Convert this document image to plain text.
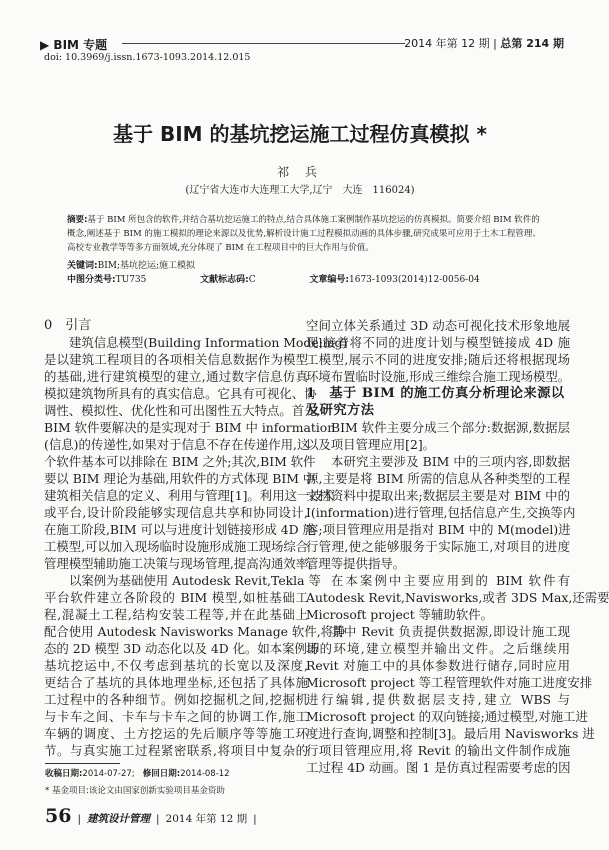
▶ BIM 专题	2014 年第 12 期 | 总第 214 期
doi: 10.3969/j.issn.1673-1093.2014.12.015
基于 BIM 的基坑挖运施工过程仿真模拟 *
祁 兵
(辽宁省大连市大连理工大学,辽宁　大连　116024)
摘要:基于 BIM 所包含的软件,并结合基坑挖运施工的特点,结合具体施工案例制作基坑挖运的仿真模拟。简要介绍 BIM 软件的概念,阐述基于 BIM 的施工模拟的理论来源以及优势,解析设计施工过程模拟动画的具体步骤,研究成果可应用于土木工程管理、高校专业教学等等多方面领域,充分体现了 BIM 在工程项目中的巨大作用与价值。
关键词:BIM;基坑挖运;施工模拟
中图分类号:TU735	文献标志码:C	文章编号:1673-1093(2014)12-0056-04
0　引言
建筑信息模型(Building Information Modeling)
是以建筑工程项目的各项相关信息数据作为模型
的基础,进行建筑模型的建立,通过数字信息仿真
模拟建筑物所具有的真实信息。它具有可视化、协
调性、模拟性、优化性和可出图性五大特点。首先,
BIM 软件要解决的是实现对于 BIM 中 information
(信息)的传递性,如果对于信息不存在传递作用,这
个软件基本可以排除在 BIM 之外;其次,BIM 软件
要以 BIM 理论为基础,用软件的方式体现 BIM 中
建筑相关信息的定义、利用与管理[1]。利用这一技术
或平台,设计阶段能够实现信息共享和协同设计,
在施工阶段,BIM 可以与进度计划链接形成 4D 施
工模型,可以加入现场临时设施形成施工现场综合
管理模型辅助施工决策与现场管理,提高沟通效率。
以案例为基础使用 Autodesk Revit,Tekla 等
平台软件建立各阶段的 BIM 模型,如桩基础工
程,混凝土工程,结构安装工程等,并在此基础上
配合使用 Autodesk Navisworks Manage 软件,将静
态的 2D 模型 3D 动态化以及 4D 化。如本案例即
基坑挖运中,不仅考虑到基坑的长宽以及深度,
更结合了基坑的具体地理坐标,还包括了具体施
工过程中的各种细节。例如挖掘机之间,挖掘机
与卡车之间、卡车与卡车之间的协调工作,施工
车辆的调度、土方挖运的先后顺序等等施工环
节。与真实施工过程紧密联系,将项目中复杂的
空间立体关系通过 3D 动态可视化技术形象地展
现;接着将不同的进度计划与模型链接成 4D 施
工模型,展示不同的进度安排;随后还将根据现场
环境布置临时设施,形成三维综合施工现场模型。
1　基于 BIM 的施工仿真分析理论来源以
及研究方法
BIM 软件主要分成三个部分:数据源,数据层
以及项目管理应用[2]。
本研究主要涉及 BIM 中的三项内容,即数据
源,主要是将 BIM 所需的信息从各种类型的工程
文档资料中提取出来;数据层主要是对 BIM 中的
I(information)进行管理,包括信息产生,交换等内
容;项目管理应用是指对 BIM 中的 M(model)进
行管理,使之能够服务于实际施工,对项目的进度
管理等提供指导。
在本案例中主要应用到的 BIM 软件有
Autodesk Revit,Navisworks,或者 3DS Max,还需要
Microsoft project 等辅助软件。
其中 Revit 负责提供数据源,即设计施工现
场的环境,建立模型并输出文件。之后继续用
Revit 对施工中的具体参数进行储存,同时应用
Microsoft project 等工程管理软件对施工进度安排
进行编辑,提供数据层支持,建立 WBS 与
Microsoft project 的双向链接;通过模型,对施工进
度进行查询,调整和控制[3]。最后用 Navisworks 进
行项目管理应用,将 Revit 的输出文件制作成施
工过程 4D 动画。图 1 是仿真过程需要考虑的因
收稿日期:2014-07-27; 修回日期:2014-08-12
* 基金项目:该论文由国家创新实验项目基金资助
56 | 建筑设计管理 | 2014 年第 12 期 |
